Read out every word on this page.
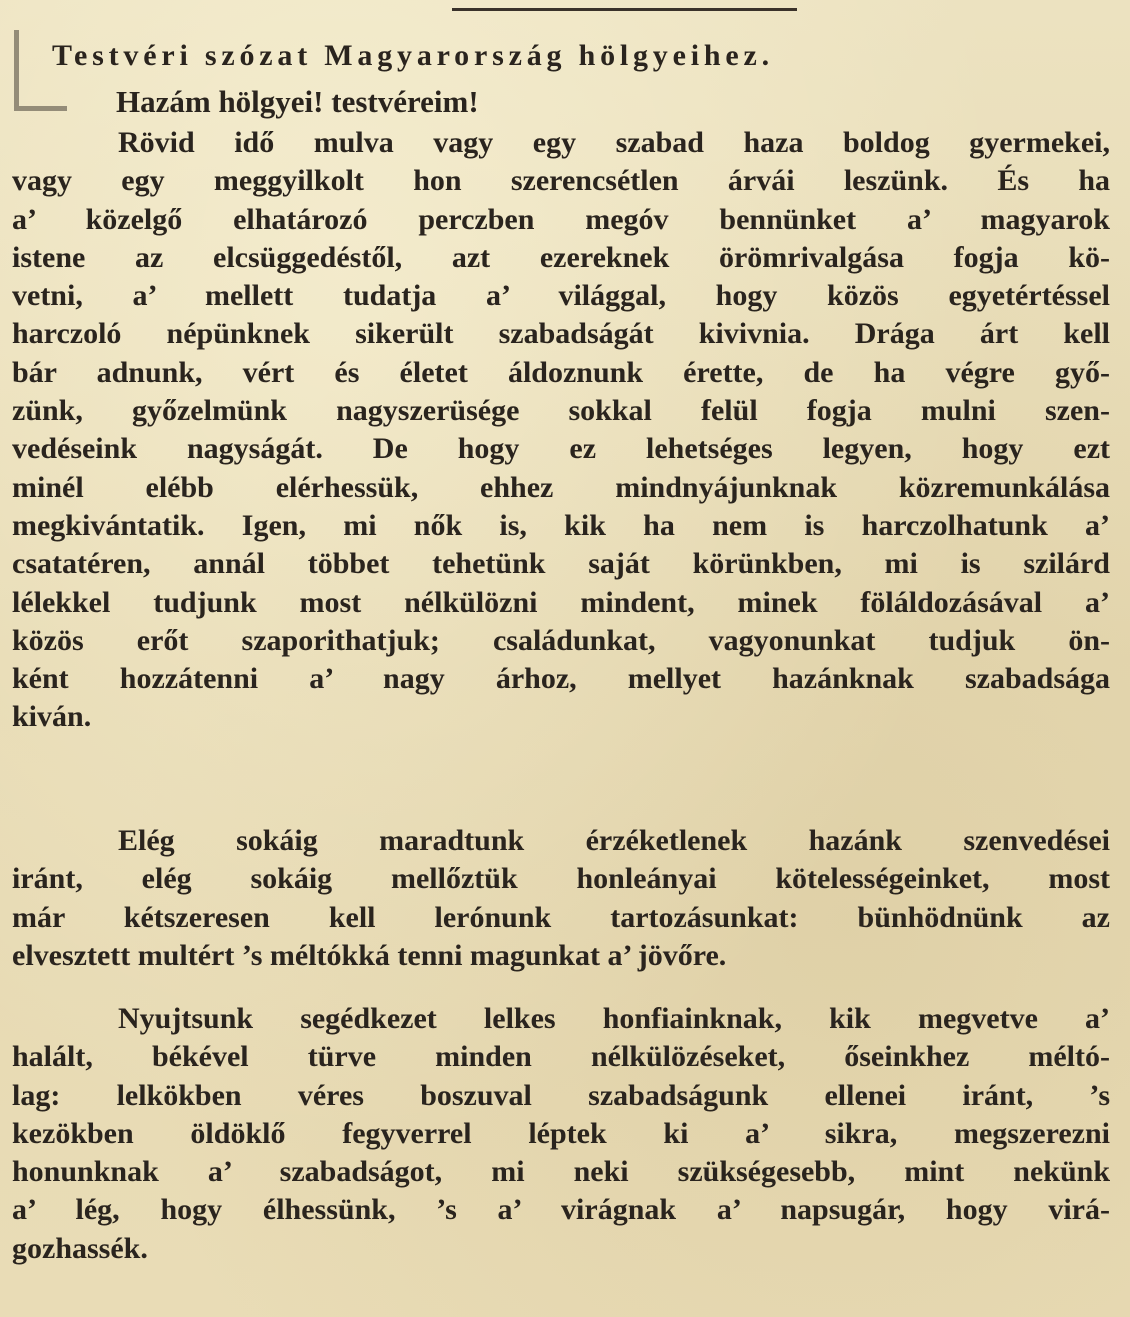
Testvéri szózat Magyarország hölgyeihez.

Hazám hölgyei! testvéreim!

Rövid idő mulva vagy egy szabad haza boldog gyermekei,
vagy egy meggyilkolt hon szerencsétlen árvái leszünk. És ha
a’ közelgő elhatározó perczben megóv bennünket a’ magyarok
istene az elcsüggedéstől, azt ezereknek örömrivalgása fogja kö-
vetni, a’ mellett tudatja a’ világgal, hogy közös egyetértéssel
harczoló népünknek sikerült szabadságát kivivnia. Drága árt kell
bár adnunk, vért és életet áldoznunk érette, de ha végre győ-
zünk, győzelmünk nagyszerüsége sokkal felül fogja mulni szen-
vedéseink nagyságát. De hogy ez lehetséges legyen, hogy ezt
minél elébb elérhessük, ehhez mindnyájunknak közremunkálása
megkivántatik. Igen, mi nők is, kik ha nem is harczolhatunk a’
csatatéren, annál többet tehetünk saját körünkben, mi is szilárd
lélekkel tudjunk most nélkülözni mindent, minek föláldozásával a’
közös erőt szaporithatjuk; családunkat, vagyonunkat tudjuk ön-
ként hozzátenni a’ nagy árhoz, mellyet hazánknak szabadsága
kiván.
Elég sokáig maradtunk érzéketlenek hazánk szenvedései
iránt, elég sokáig mellőztük honleányai kötelességeinket, most
már kétszeresen kell lerónunk tartozásunkat: bünhödnünk az
elvesztett multért ’s méltókká tenni magunkat a’ jövőre.
Nyujtsunk segédkezet lelkes honfiainknak, kik megvetve a’
halált, békével türve minden nélkülözéseket, őseinkhez méltó-
lag: lelkökben véres boszuval szabadságunk ellenei iránt, ’s
kezökben öldöklő fegyverrel léptek ki a’ sikra, megszerezni
honunknak a’ szabadságot, mi neki szükségesebb, mint nekünk
a’ lég, hogy élhessünk, ’s a’ virágnak a’ napsugár, hogy virá-
gozhassék.
